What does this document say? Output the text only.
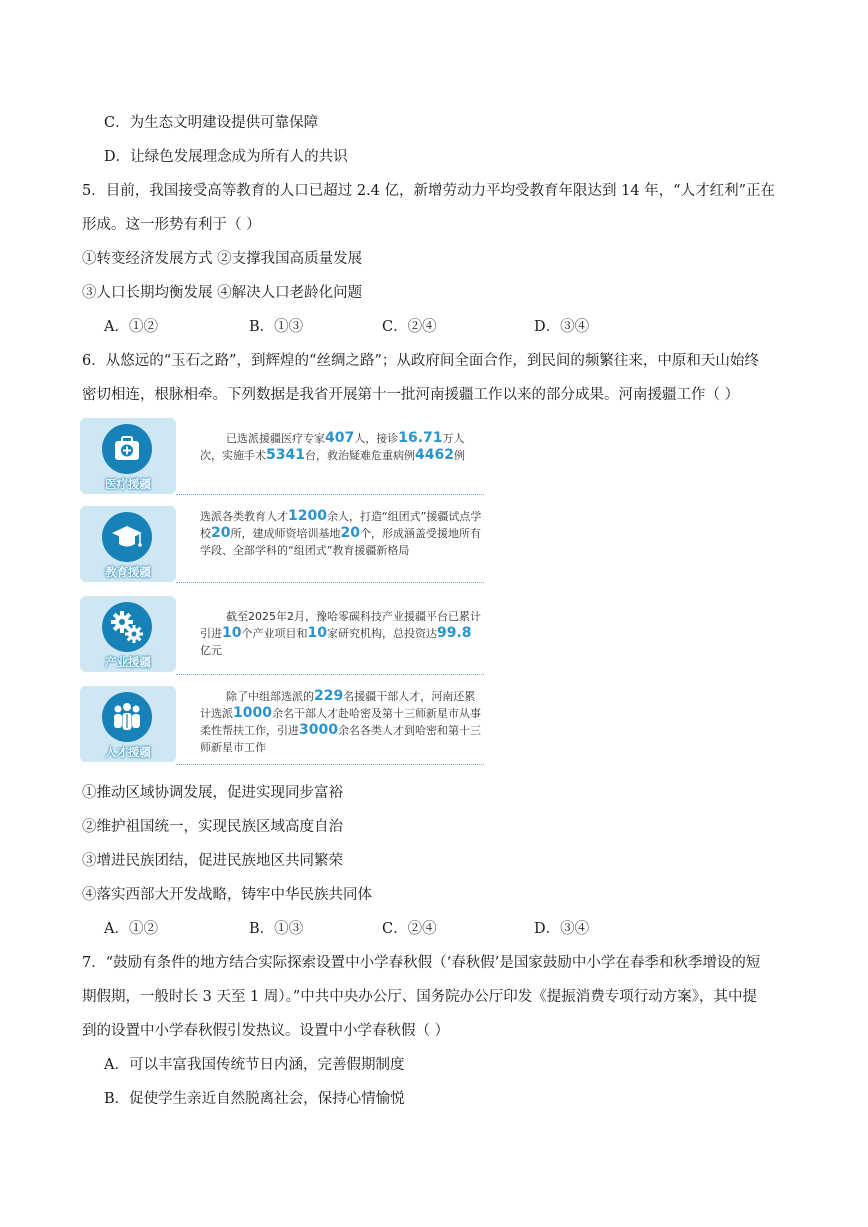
C．为生态文明建设提供可靠保障
D．让绿色发展理念成为所有人的共识
5．目前，我国接受高等教育的人口已超过 2.4 亿，新增劳动力平均受教育年限达到 14 年，“人才红利”正在
形成。这一形势有利于（ ）
①转变经济发展方式 ②支撑我国高质量发展
③人口长期均衡发展 ④解决人口老龄化问题
A．①②	B．①③	C．②④	D．③④
6．从悠远的“玉石之路”，到辉煌的“丝绸之路”；从政府间全面合作，到民间的频繁往来，中原和天山始终
密切相连，根脉相牵。下列数据是我省开展第十一批河南援疆工作以来的部分成果。河南援疆工作（ ）
医疗援疆
已选派援疆医疗专家407人，接诊16.71万人次，实施手术5341台，救治疑难危重病例4462例
教育援疆
选派各类教育人才1200余人，打造“组团式”援疆试点学校20所，建成师资培训基地20个，形成涵盖受援地所有学段、全部学科的“组团式”教育援疆新格局
产业援疆
截至2025年2月，豫哈零碳科技产业援疆平台已累计引进10个产业项目和10家研究机构，总投资达99.8亿元
人才援疆
除了中组部选派的229名援疆干部人才，河南还累计选派1000余名干部人才赴哈密及第十三师新星市从事柔性帮扶工作，引进3000余名各类人才到哈密和第十三师新星市工作
①推动区域协调发展，促进实现同步富裕
②维护祖国统一，实现民族区域高度自治
③增进民族团结，促进民族地区共同繁荣
④落实西部大开发战略，铸牢中华民族共同体
A．①②	B．①③	C．②④	D．③④
7．“鼓励有条件的地方结合实际探索设置中小学春秋假（‘春秋假’是国家鼓励中小学在春季和秋季增设的短
期假期，一般时长 3 天至 1 周）。”中共中央办公厅、国务院办公厅印发《提振消费专项行动方案》，其中提
到的设置中小学春秋假引发热议。设置中小学春秋假（ ）
A．可以丰富我国传统节日内涵，完善假期制度
B．促使学生亲近自然脱离社会，保持心情愉悦
